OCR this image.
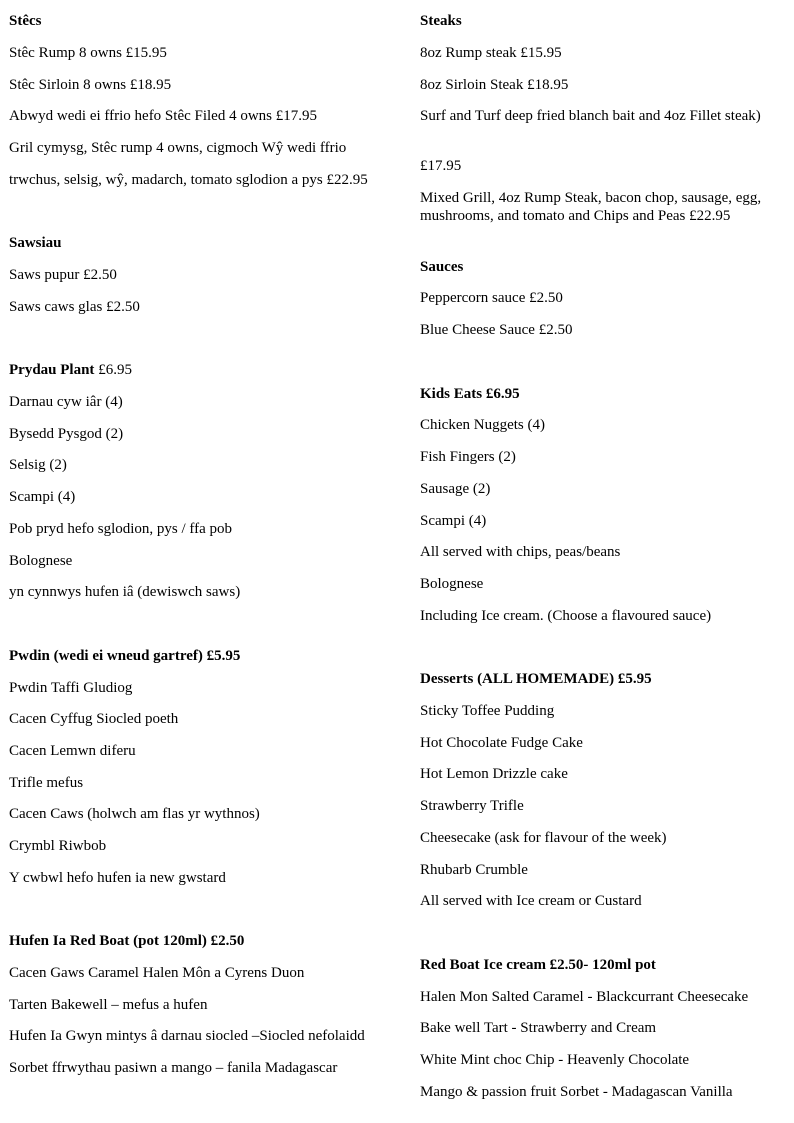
Stêcs
Stêc Rump 8 owns £15.95
Stêc Sirloin 8 owns £18.95
Abwyd wedi ei ffrio hefo Stêc Filed 4 owns £17.95
Gril cymysg, Stêc rump 4 owns, cigmoch Wŷ wedi ffrio
trwchus, selsig, wŷ, madarch, tomato sglodion a pys £22.95
Sawsiau
Saws pupur £2.50
Saws caws glas £2.50
Prydau Plant £6.95
Darnau cyw iâr (4)
Bysedd Pysgod (2)
Selsig (2)
Scampi (4)
Pob pryd hefo sglodion, pys / ffa pob
Bolognese
yn cynnwys hufen iâ (dewiswch saws)
Pwdin (wedi ei wneud gartref) £5.95
Pwdin Taffi Gludiog
Cacen Cyffug Siocled poeth
Cacen Lemwn diferu
Trifle mefus
Cacen Caws (holwch am flas yr wythnos)
Crymbl Riwbob
Y cwbwl hefo hufen ia new gwstard
Hufen Ia Red Boat (pot 120ml) £2.50
Cacen Gaws Caramel Halen Môn a Cyrens Duon
Tarten Bakewell – mefus a hufen
Hufen Ia Gwyn mintys â darnau siocled –Siocled nefolaidd
Sorbet ffrwythau pasiwn a mango – fanila Madagascar
Steaks
8oz Rump steak £15.95
8oz Sirloin Steak £18.95
Surf and Turf deep fried blanch bait and 4oz Fillet steak)
£17.95
Mixed Grill, 4oz Rump Steak, bacon chop, sausage, egg, mushrooms, and tomato and Chips and Peas £22.95
Sauces
Peppercorn sauce £2.50
Blue Cheese Sauce £2.50
Kids Eats £6.95
Chicken Nuggets (4)
Fish Fingers (2)
Sausage (2)
Scampi (4)
All served with chips, peas/beans
Bolognese
Including Ice cream. (Choose a flavoured sauce)
Desserts (ALL HOMEMADE) £5.95
Sticky Toffee Pudding
Hot Chocolate Fudge Cake
Hot Lemon Drizzle cake
Strawberry Trifle
Cheesecake (ask for flavour of the week)
Rhubarb Crumble
All served with Ice cream or Custard
Red Boat Ice cream £2.50- 120ml pot
Halen Mon Salted Caramel - Blackcurrant Cheesecake
Bake well Tart - Strawberry and Cream
White Mint choc Chip - Heavenly Chocolate
Mango & passion fruit Sorbet - Madagascan Vanilla
